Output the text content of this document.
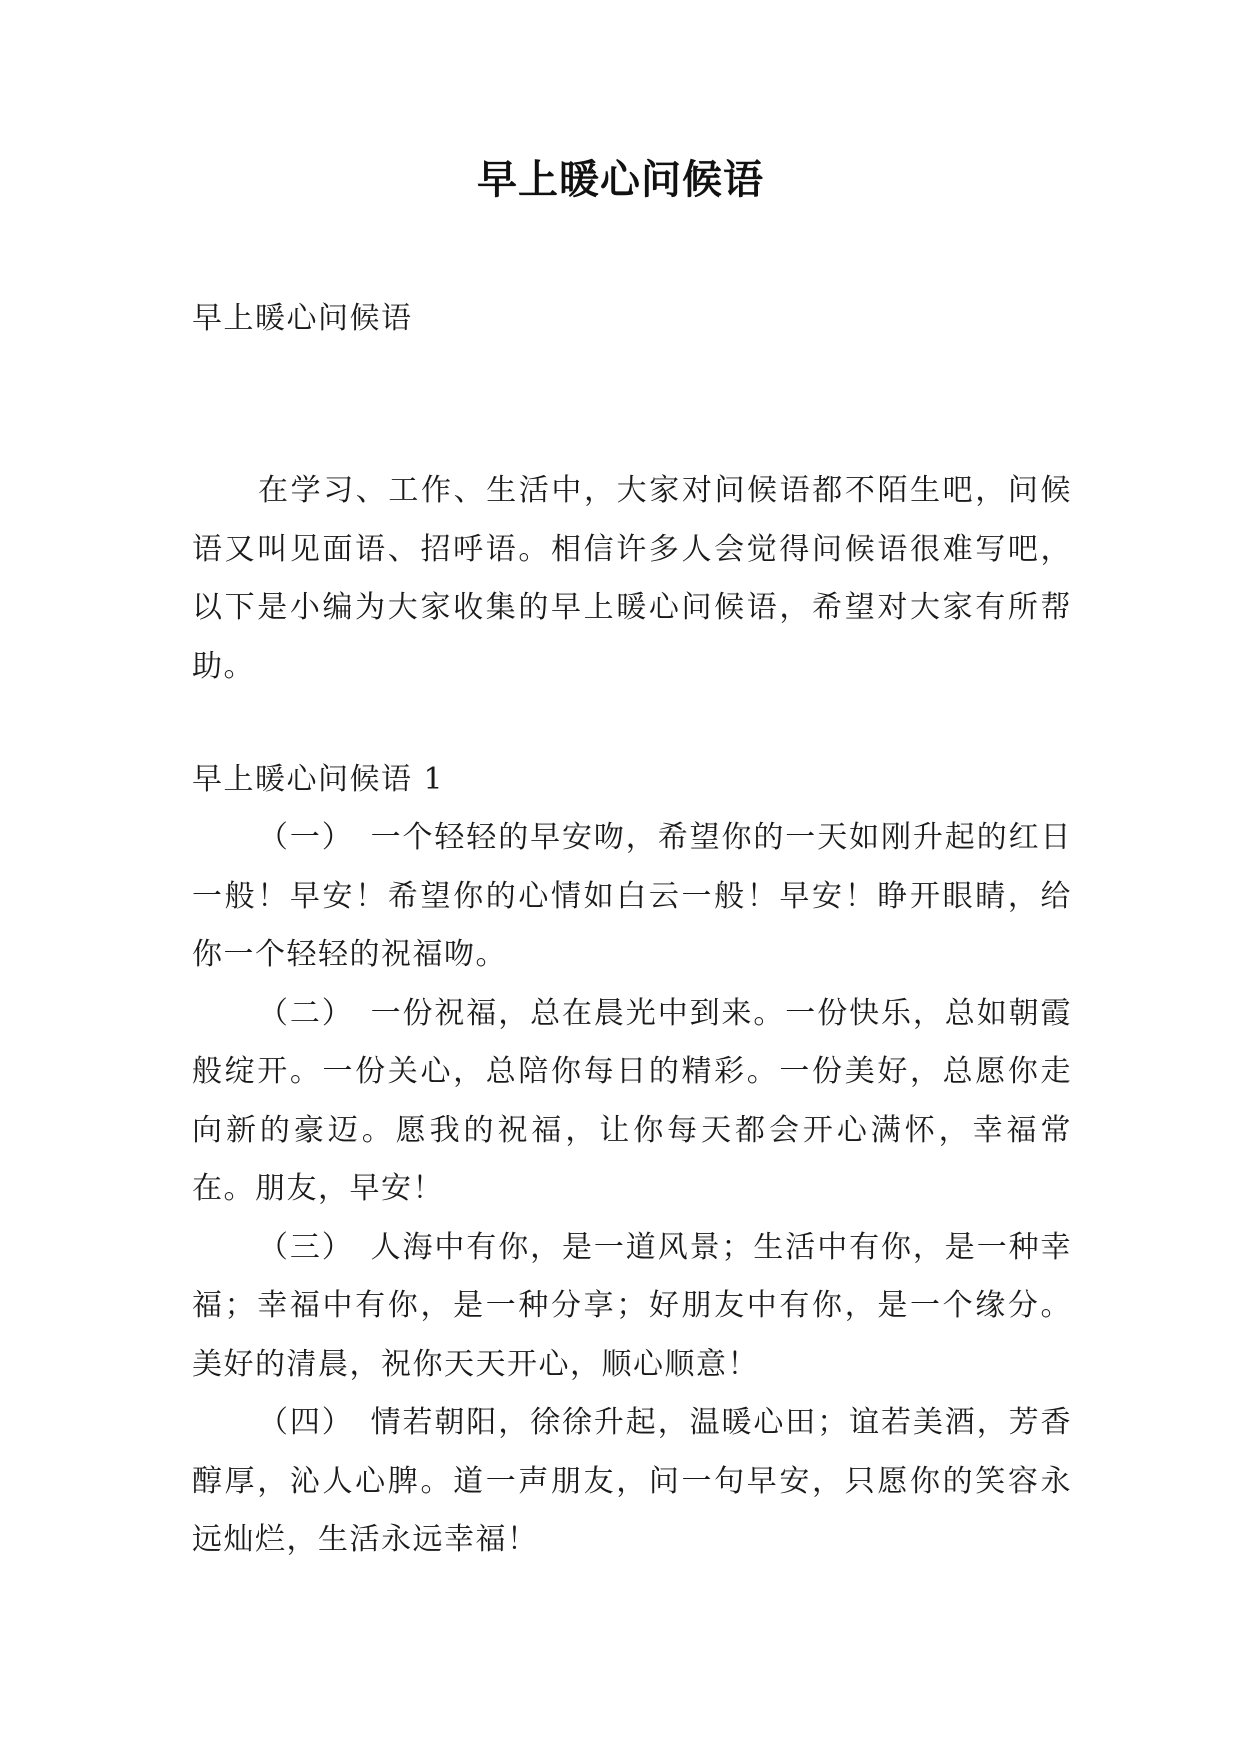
早上暖心问候语

早上暖心问候语

在学习、工作、生活中，大家对问候语都不陌生吧，问候语又叫见面语、招呼语。相信许多人会觉得问候语很难写吧，以下是小编为大家收集的早上暖心问候语，希望对大家有所帮助。

早上暖心问候语 1

（一）　一个轻轻的早安吻，希望你的一天如刚升起的红日一般！早安！希望你的心情如白云一般！早安！睁开眼睛，给你一个轻轻的祝福吻。

（二）　一份祝福，总在晨光中到来。一份快乐，总如朝霞般绽开。一份关心，总陪你每日的精彩。一份美好，总愿你走向新的豪迈。愿我的祝福，让你每天都会开心满怀，幸福常在。朋友，早安！

（三）　人海中有你，是一道风景；生活中有你，是一种幸福；幸福中有你，是一种分享；好朋友中有你，是一个缘分。美好的清晨，祝你天天开心，顺心顺意！

（四）　情若朝阳，徐徐升起，温暖心田；谊若美酒，芳香醇厚，沁人心脾。道一声朋友，问一句早安，只愿你的笑容永远灿烂，生活永远幸福！
